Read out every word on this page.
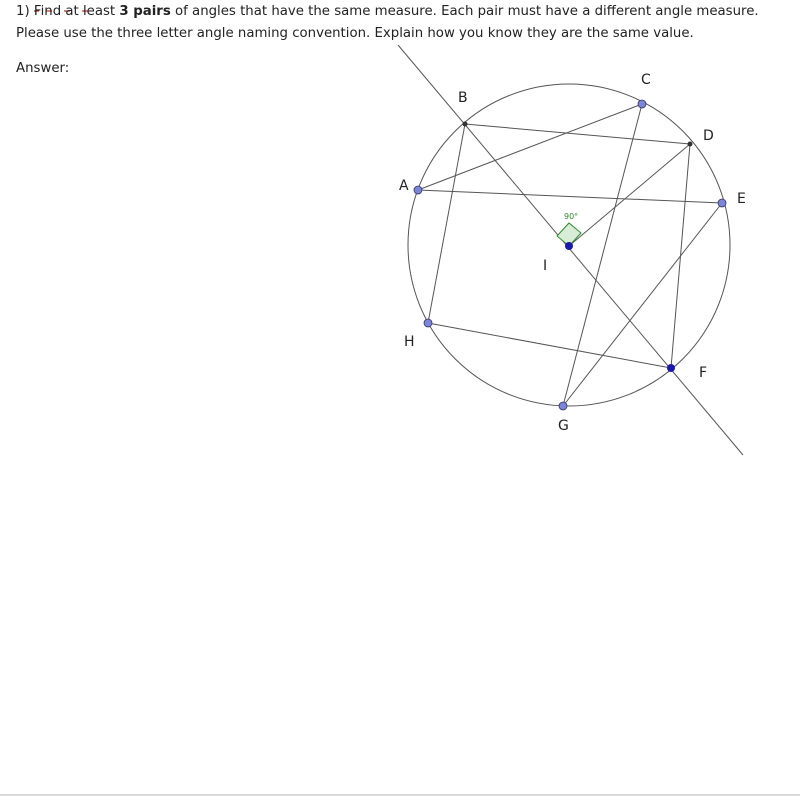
1) Find at least 3 pairs of angles that have the same measure. Each pair must have a different angle measure. Please use the three letter angle naming convention. Explain how you know they are the same value.

Answer:
90°
A
B
C
D
E
F
G
H
I
